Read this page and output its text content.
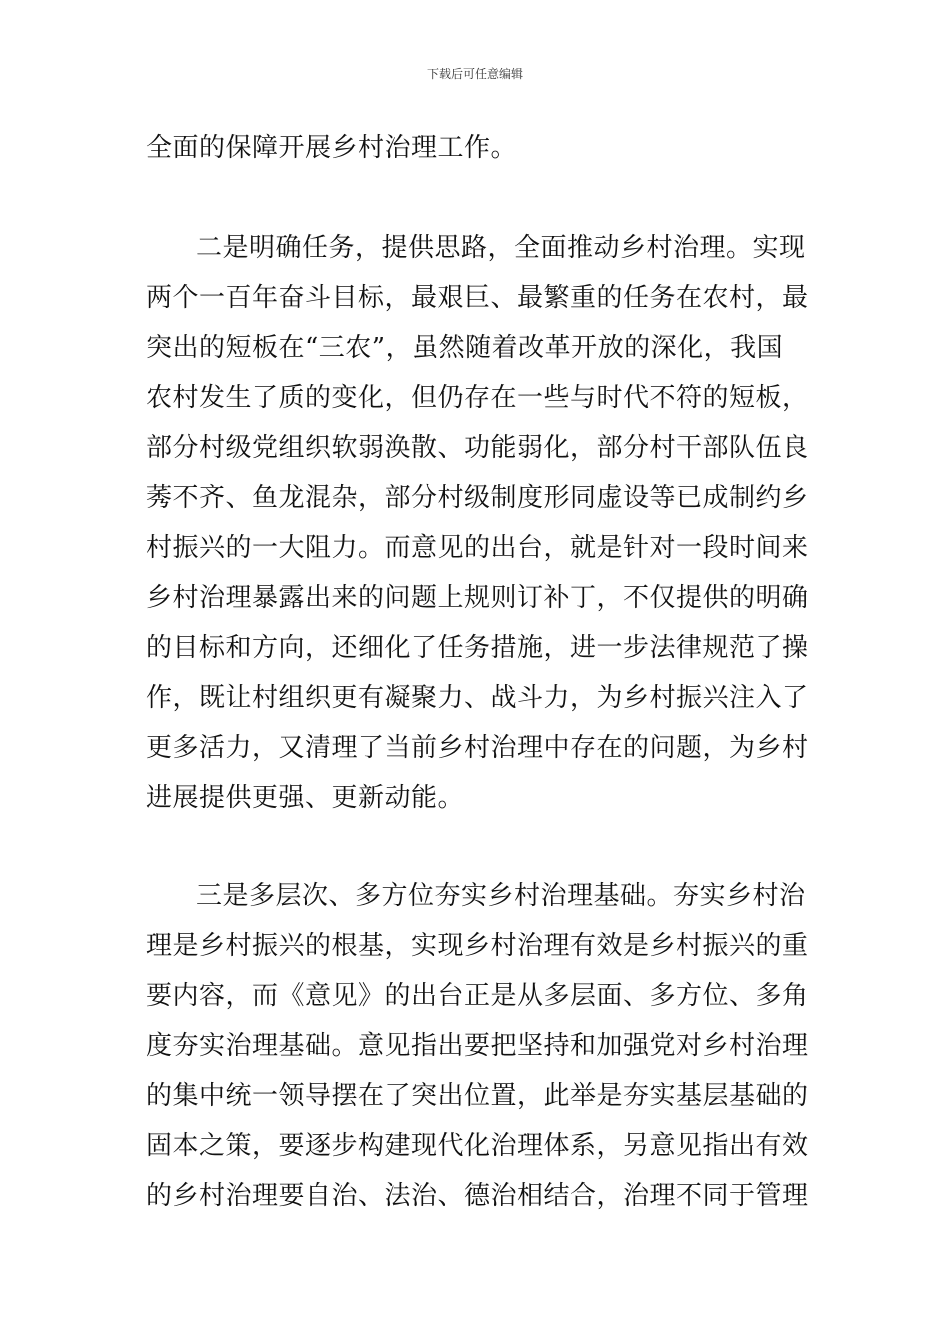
下载后可任意编辑
全面的保障开展乡村治理工作。
二是明确任务，提供思路，全面推动乡村治理。实现
两个一百年奋斗目标，最艰巨、最繁重的任务在农村，最
突出的短板在“三农”，虽然随着改革开放的深化，我国
农村发生了质的变化，但仍存在一些与时代不符的短板，
部分村级党组织软弱涣散、功能弱化，部分村干部队伍良
莠不齐、鱼龙混杂，部分村级制度形同虚设等已成制约乡
村振兴的一大阻力。而意见的出台，就是针对一段时间来
乡村治理暴露出来的问题上规则订补丁，不仅提供的明确
的目标和方向，还细化了任务措施，进一步法律规范了操
作，既让村组织更有凝聚力、战斗力，为乡村振兴注入了
更多活力，又清理了当前乡村治理中存在的问题，为乡村
进展提供更强、更新动能。
三是多层次、多方位夯实乡村治理基础。夯实乡村治
理是乡村振兴的根基，实现乡村治理有效是乡村振兴的重
要内容，而《意见》的出台正是从多层面、多方位、多角
度夯实治理基础。意见指出要把坚持和加强党对乡村治理
的集中统一领导摆在了突出位置，此举是夯实基层基础的
固本之策，要逐步构建现代化治理体系，另意见指出有效
的乡村治理要自治、法治、德治相结合，治理不同于管理
